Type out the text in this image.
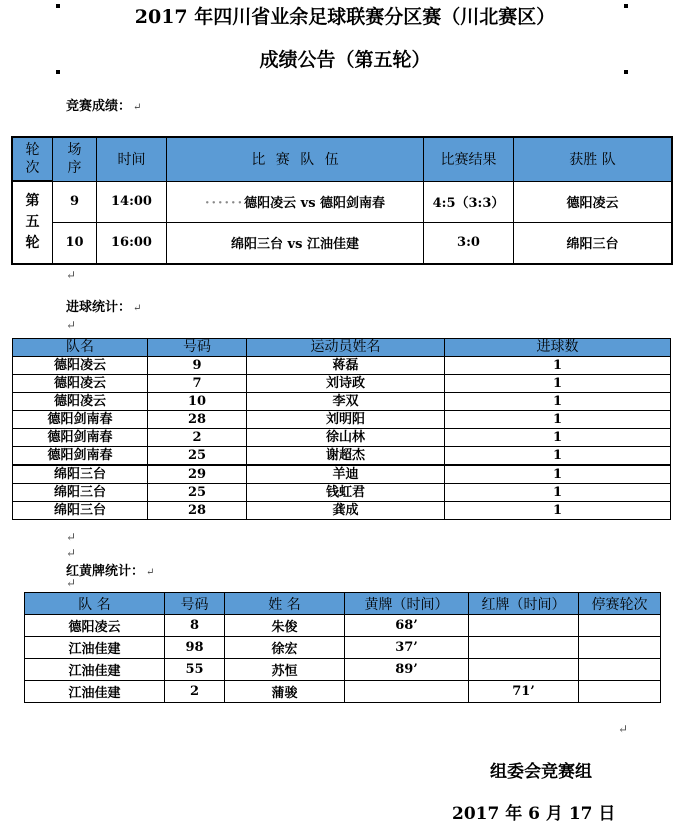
2017 年四川省业余足球联赛分区赛（川北赛区）
成绩公告（第五轮）
竞赛成绩： ↵
轮次	场序	时间	比 赛 队 伍	比赛结果	获胜 队
第五轮	9	14:00	······德阳凌云 vs 德阳剑南春	4:5（3:3）	德阳凌云
	10	16:00	绵阳三台 vs 江油佳建	3:0	绵阳三台
↵
进球统计： ↵
↵
队名	号码	运动员姓名	进球数
德阳凌云	9	蒋磊	1
德阳凌云	7	刘诗政	1
德阳凌云	10	李双	1
德阳剑南春	28	刘明阳	1
德阳剑南春	2	徐山林	1
德阳剑南春	25	谢超杰	1
绵阳三台	29	羊迪	1
绵阳三台	25	钱虹君	1
绵阳三台	28	龚成	1
↵
↵
红黄牌统计： ↵
↵
队 名	号码	姓 名	黄牌（时间）	红牌（时间）	停赛轮次
德阳凌云	8	朱俊	68’		
江油佳建	98	徐宏	37’		
江油佳建	55	苏恒	89’		
江油佳建	2	蒲骏		71’	
↵
组委会竞赛组
2017 年 6 月 17 日
